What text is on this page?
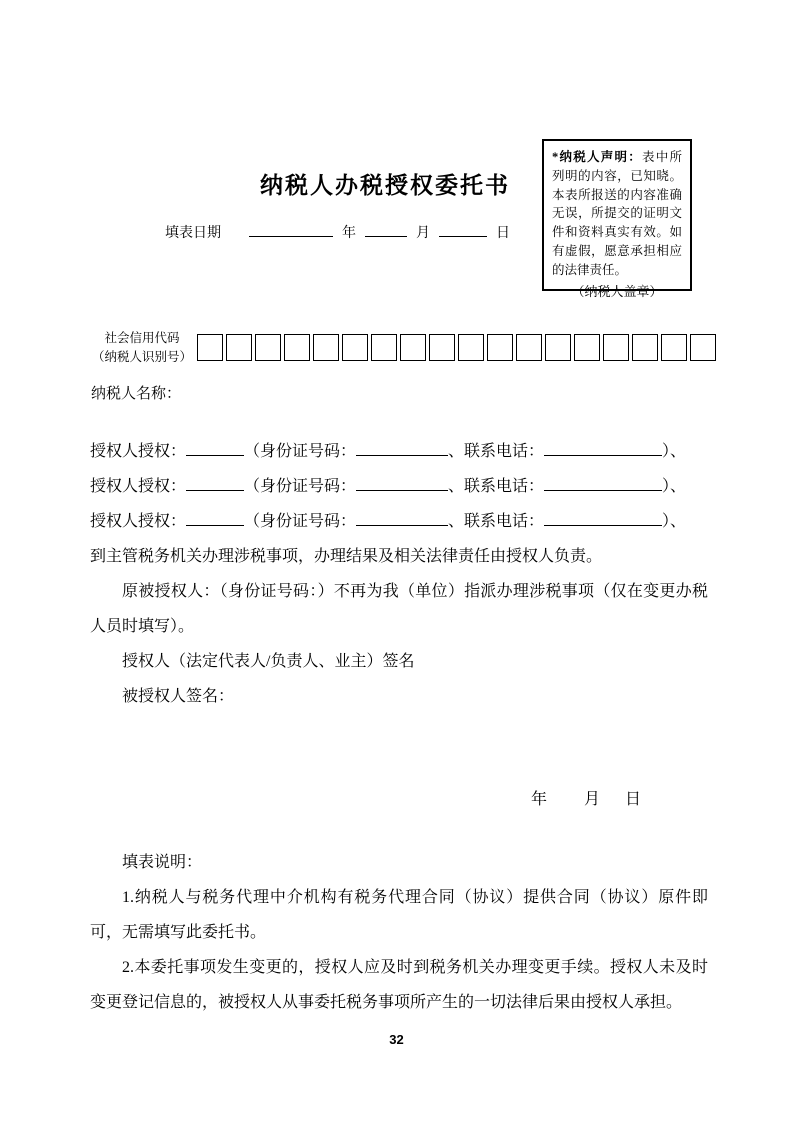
纳税人办税授权委托书
填表日期	年	月	日
*纳税人声明：表中所列明的内容，已知晓。本表所报送的内容准确无误，所提交的证明文件和资料真实有效。如有虚假，愿意承担相应的法律责任。
（纳税人盖章）
社会信用代码
（纳税人识别号）
纳税人名称：
授权人授权：	（身份证号码：	、联系电话：	）、
授权人授权：	（身份证号码：	、联系电话：	）、
授权人授权：	（身份证号码：	、联系电话：	）、
到主管税务机关办理涉税事项，办理结果及相关法律责任由授权人负责。
原被授权人：（身份证号码：）不再为我（单位）指派办理涉税事项（仅在变更办税人员时填写）。
授权人（法定代表人/负责人、业主）签名
被授权人签名：
年 月 日
填表说明：

1.纳税人与税务代理中介机构有税务代理合同（协议）提供合同（协议）原件即可，无需填写此委托书。

2.本委托事项发生变更的，授权人应及时到税务机关办理变更手续。授权人未及时变更登记信息的，被授权人从事委托税务事项所产生的一切法律后果由授权人承担。

32
